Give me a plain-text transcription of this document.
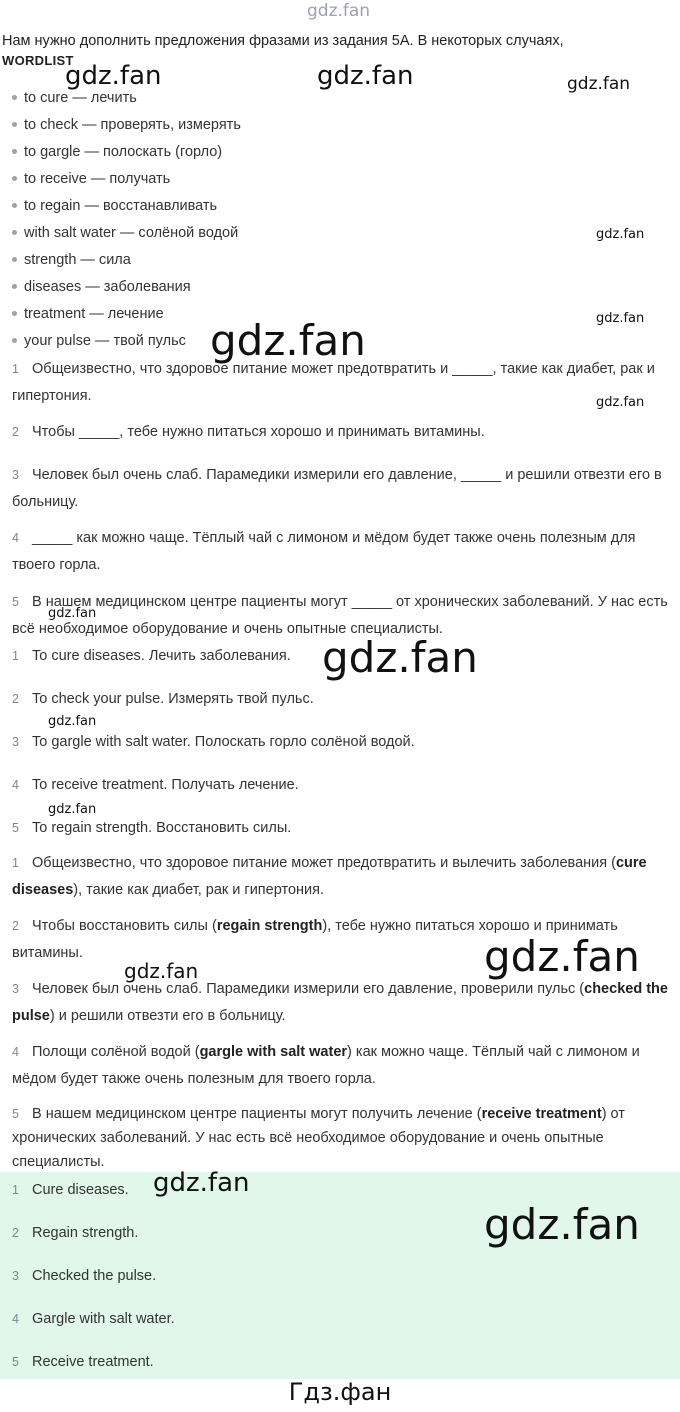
gdz.fan
Нам нужно дополнить предложения фразами из задания 5А. В некоторых случаях,
WORDLIST
to cure — лечить
to check — проверять, измерять
to gargle — полоскать (горло)
to receive — получать
to regain — восстанавливать
with salt water — солёной водой
strength — сила
diseases — заболевания
treatment — лечение
your pulse — твой пульс
1 Общеизвестно, что здоровое питание может предотвратить и _____, такие как диабет, рак и гипертония.
2 Чтобы _____, тебе нужно питаться хорошо и принимать витамины.
3 Человек был очень слаб. Парамедики измерили его давление, _____ и решили отвезти его в больницу.
4 _____ как можно чаще. Тёплый чай с лимоном и мёдом будет также очень полезным для твоего горла.
5 В нашем медицинском центре пациенты могут _____ от хронических заболеваний. У нас есть всё необходимое оборудование и очень опытные специалисты.
1 To cure diseases. Лечить заболевания.
2 To check your pulse. Измерять твой пульс.
3 To gargle with salt water. Полоскать горло солёной водой.
4 To receive treatment. Получать лечение.
5 To regain strength. Восстановить силы.
1 Общеизвестно, что здоровое питание может предотвратить и вылечить заболевания (cure diseases), такие как диабет, рак и гипертония.
2 Чтобы восстановить силы (regain strength), тебе нужно питаться хорошо и принимать витамины.
3 Человек был очень слаб. Парамедики измерили его давление, проверили пульс (checked the pulse) и решили отвезти его в больницу.
4 Полощи солёной водой (gargle with salt water) как можно чаще. Тёплый чай с лимоном и мёдом будет также очень полезным для твоего горла.
5 В нашем медицинском центре пациенты могут получить лечение (receive treatment) от хронических заболеваний. У нас есть всё необходимое оборудование и очень опытные специалисты.
1 Cure diseases.
2 Regain strength.
3 Checked the pulse.
4 Gargle with salt water.
5 Receive treatment.
gdz.fan	gdz.fan	gdz.fan
gdz.fan
gdz.fan
gdz.fan
gdz.fan
gdz.fan
gdz.fan
gdz.fan
gdz.fan
gdz.fan
gdz.fan
gdz.fan
gdz.fan
Гдз.фан
